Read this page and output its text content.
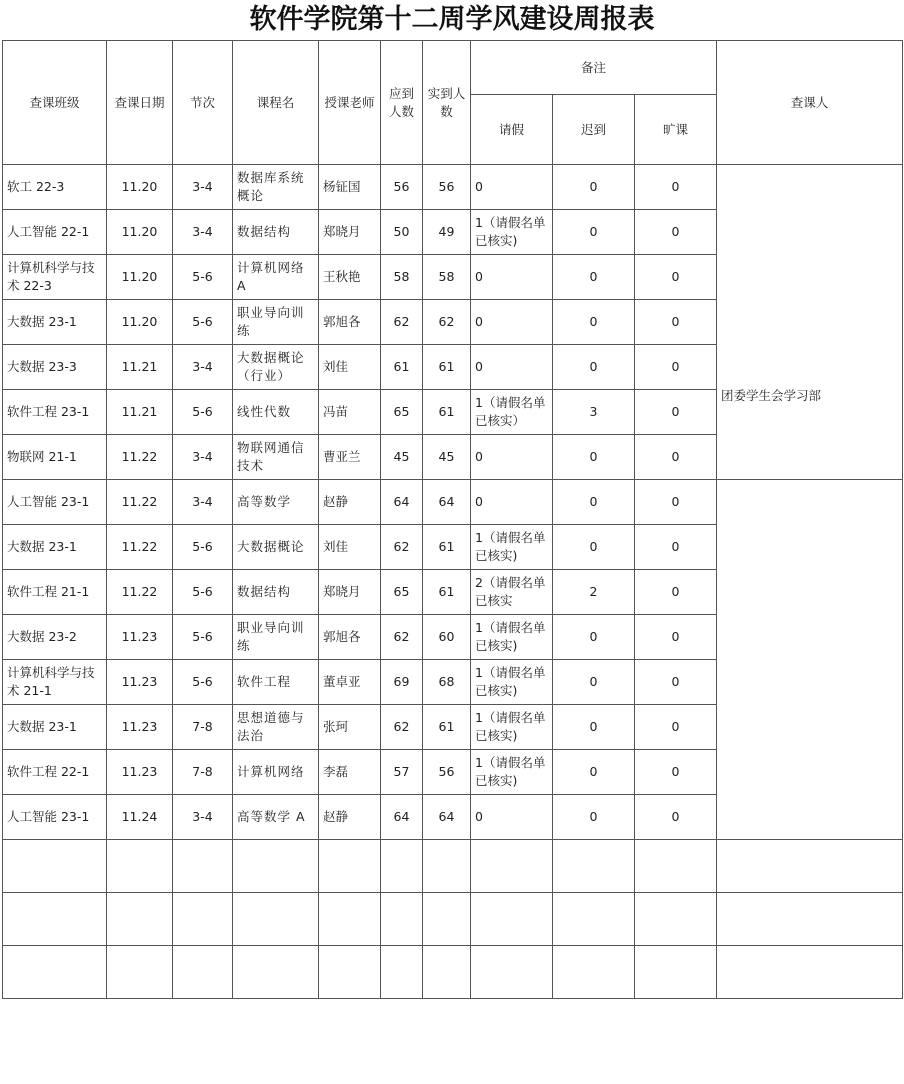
软件学院第十二周学风建设周报表
查课班级	查课日期	节次	课程名	授课老师	应到人数	实到人数	备注			查课人
							请假	迟到	旷课	
软工 22-3	11.20	3-4	数据库系统概论	杨钲国	56	56	0	0	0	团委学生会学习部

人工智能 22-1	11.20	3-4	数据结构	郑晓月	50	49	1（请假名单已核实)	0	0	
计算机科学与技术 22-3	11.20	5-6	计算机网络A	王秋艳	58	58	0	0	0	
大数据 23-1	11.20	5-6	职业导向训练	郭旭各	62	62	0	0	0	
大数据 23-3	11.21	3-4	大数据概论（行业）	刘佳	61	61	0	0	0	
软件工程 23-1	11.21	5-6	线性代数	冯苗	65	61	1（请假名单已核实）	3	0	
物联网 21-1	11.22	3-4	物联网通信技术	曹亚兰	45	45	0	0	0	
人工智能 23-1	11.22	3-4	高等数学	赵静	64	64	0	0	0	
大数据 23-1	11.22	5-6	大数据概论	刘佳	62	61	1（请假名单已核实)	0	0	
软件工程 21-1	11.22	5-6	数据结构	郑晓月	65	61	2（请假名单已核实	2	0	
大数据 23-2	11.23	5-6	职业导向训练	郭旭各	62	60	1（请假名单已核实)	0	0	
计算机科学与技术 21-1	11.23	5-6	软件工程	董卓亚	69	68	1（请假名单已核实)	0	0	
大数据 23-1	11.23	7-8	思想道德与法治	张珂	62	61	1（请假名单已核实)	0	0	
软件工程 22-1	11.23	7-8	计算机网络	李磊	57	56	1（请假名单已核实)	0	0	
人工智能 23-1	11.24	3-4	高等数学 A	赵静	64	64	0	0	0	
